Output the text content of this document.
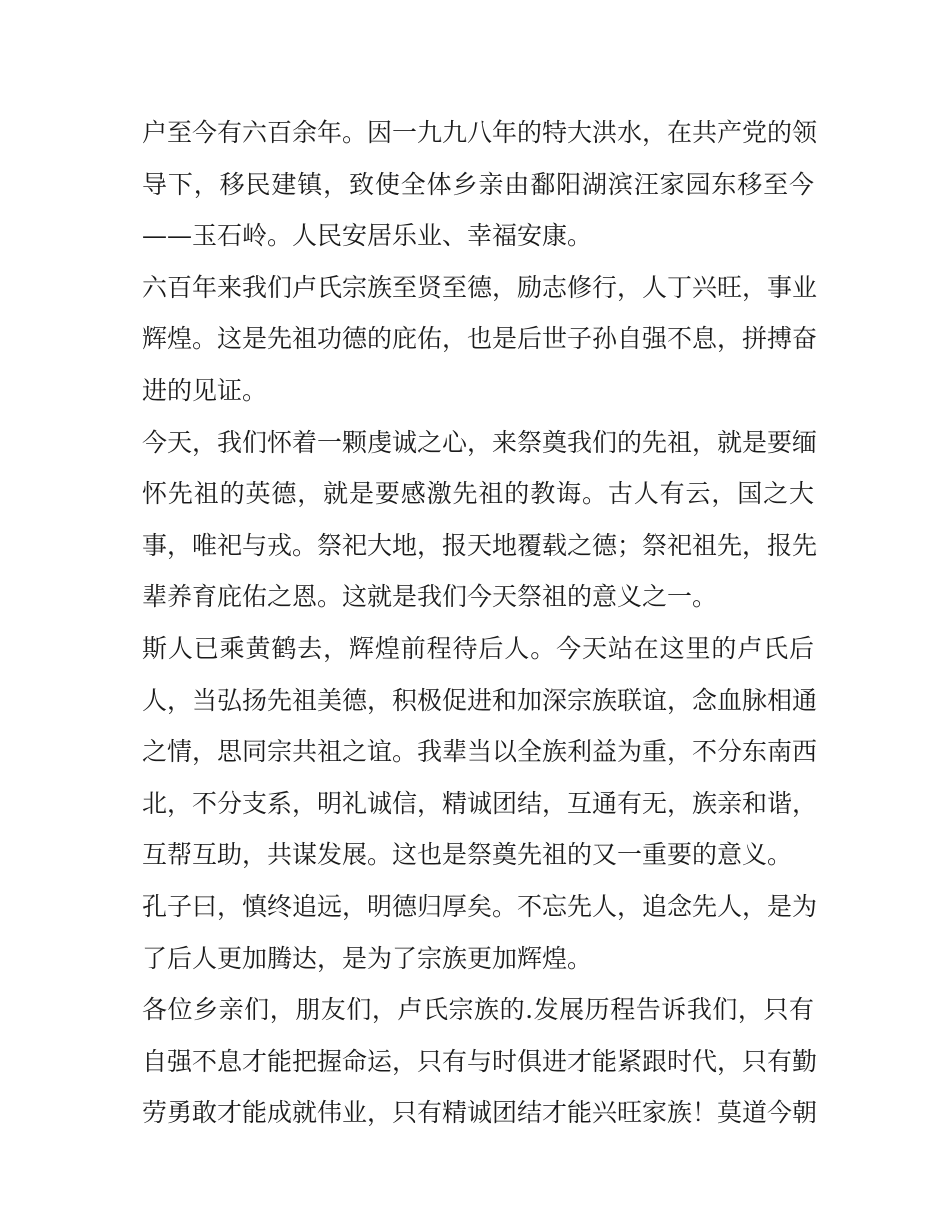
户至今有六百余年。因一九九八年的特大洪水，在共产党的领
导下，移民建镇，致使全体乡亲由鄱阳湖滨汪家园东移至今
——玉石岭。人民安居乐业、幸福安康。
六百年来我们卢氏宗族至贤至德，励志修行，人丁兴旺，事业
辉煌。这是先祖功德的庇佑，也是后世子孙自强不息，拼搏奋
进的见证。
今天，我们怀着一颗虔诚之心，来祭奠我们的先祖，就是要缅
怀先祖的英德，就是要感激先祖的教诲。古人有云，国之大
事，唯祀与戎。祭祀大地，报天地覆载之德；祭祀祖先，报先
辈养育庇佑之恩。这就是我们今天祭祖的意义之一。
斯人已乘黄鹤去，辉煌前程待后人。今天站在这里的卢氏后
人，当弘扬先祖美德，积极促进和加深宗族联谊，念血脉相通
之情，思同宗共祖之谊。我辈当以全族利益为重，不分东南西
北，不分支系，明礼诚信，精诚团结，互通有无，族亲和谐，
互帮互助，共谋发展。这也是祭奠先祖的又一重要的意义。
孔子曰，慎终追远，明德归厚矣。不忘先人，追念先人，是为
了后人更加腾达，是为了宗族更加辉煌。
各位乡亲们，朋友们，卢氏宗族的.发展历程告诉我们，只有
自强不息才能把握命运，只有与时俱进才能紧跟时代，只有勤
劳勇敢才能成就伟业，只有精诚团结才能兴旺家族！莫道今朝
